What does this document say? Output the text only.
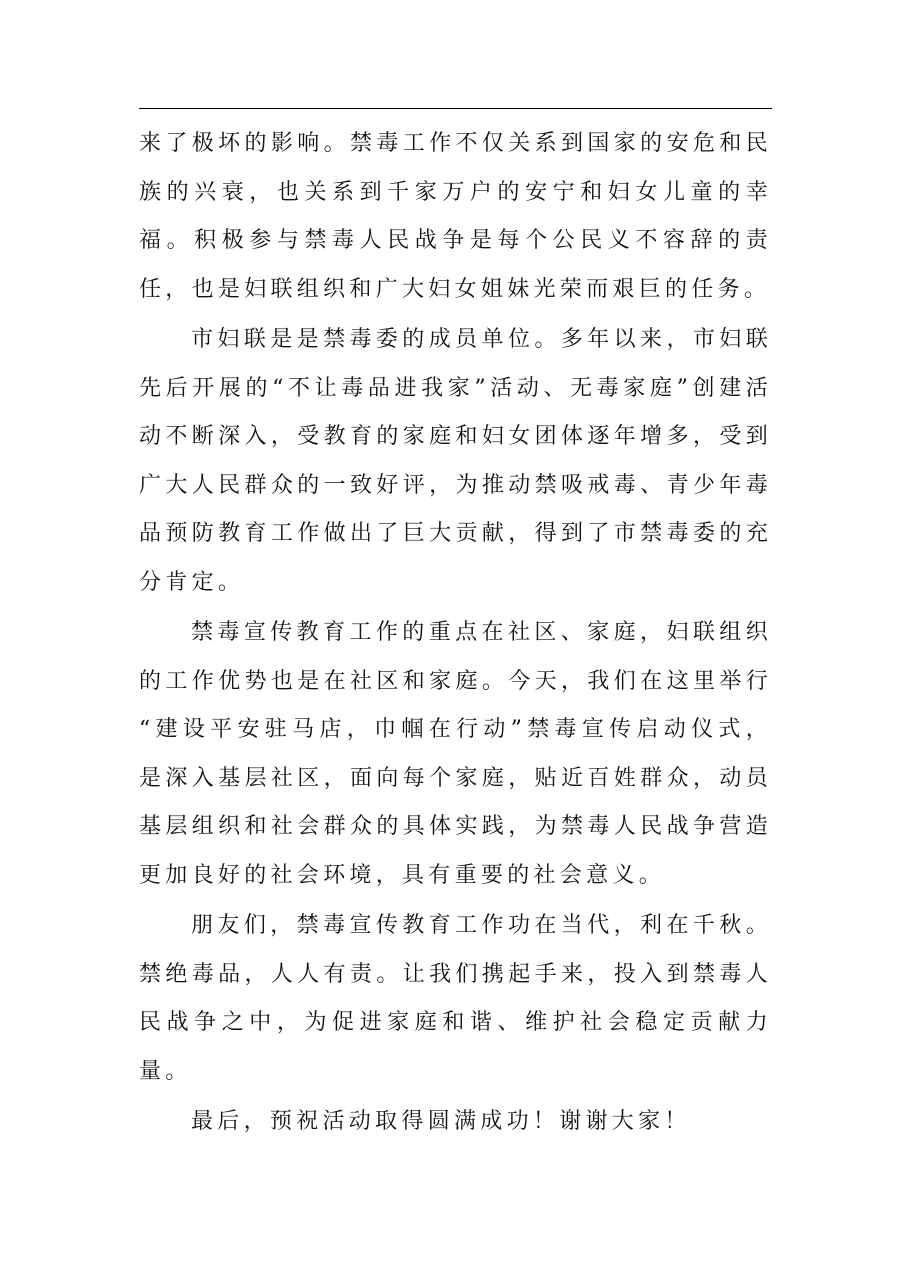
来了极坏的影响。禁毒工作不仅关系到国家的安危和民族的兴衰，也关系到千家万户的安宁和妇女儿童的幸福。积极参与禁毒人民战争是每个公民义不容辞的责任，也是妇联组织和广大妇女姐妹光荣而艰巨的任务。

市妇联是是禁毒委的成员单位。多年以来，市妇联先后开展的“不让毒品进我家”活动、无毒家庭”创建活动不断深入，受教育的家庭和妇女团体逐年增多，受到广大人民群众的一致好评，为推动禁吸戒毒、青少年毒品预防教育工作做出了巨大贡献，得到了市禁毒委的充分肯定。

禁毒宣传教育工作的重点在社区、家庭，妇联组织的工作优势也是在社区和家庭。今天，我们在这里举行 “建设平安驻马店，巾帼在行动”禁毒宣传启动仪式，是深入基层社区，面向每个家庭，贴近百姓群众，动员基层组织和社会群众的具体实践，为禁毒人民战争营造更加良好的社会环境，具有重要的社会意义。

朋友们，禁毒宣传教育工作功在当代，利在千秋。禁绝毒品，人人有责。让我们携起手来，投入到禁毒人民战争之中，为促进家庭和谐、维护社会稳定贡献力量。

最后，预祝活动取得圆满成功！谢谢大家！
